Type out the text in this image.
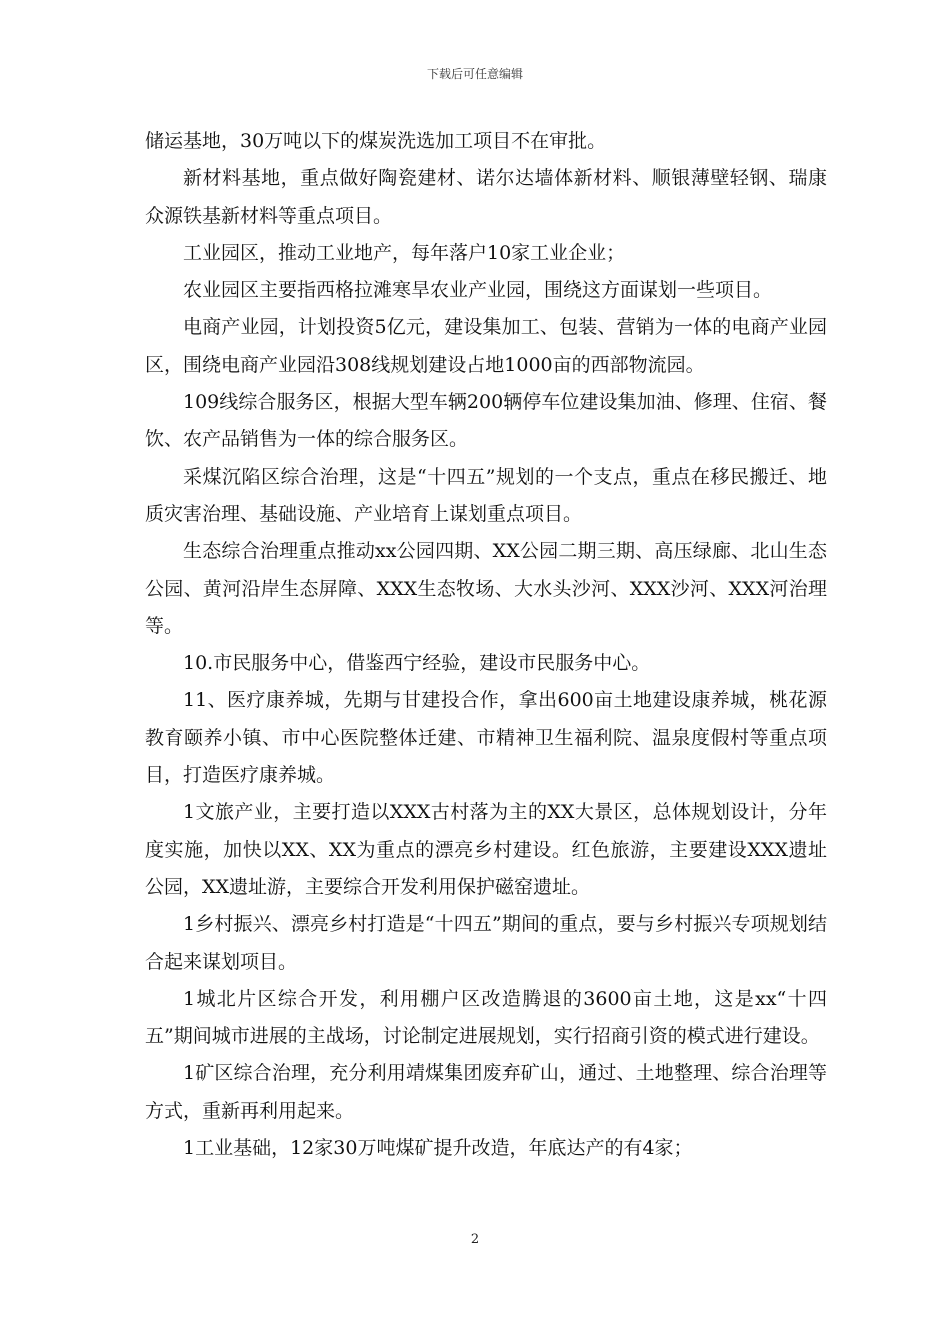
下载后可任意编辑

储运基地，30万吨以下的煤炭洗选加工项目不在审批。

新材料基地，重点做好陶瓷建材、诺尔达墙体新材料、顺银薄壁轻钢、瑞康众源铁基新材料等重点项目。

工业园区，推动工业地产，每年落户10家工业企业；

农业园区主要指西格拉滩寒旱农业产业园，围绕这方面谋划一些项目。

电商产业园，计划投资5亿元，建设集加工、包装、营销为一体的电商产业园区，围绕电商产业园沿308线规划建设占地1000亩的西部物流园。

109线综合服务区，根据大型车辆200辆停车位建设集加油、修理、住宿、餐饮、农产品销售为一体的综合服务区。

采煤沉陷区综合治理，这是“十四五”规划的一个支点，重点在移民搬迁、地质灾害治理、基础设施、产业培育上谋划重点项目。

生态综合治理重点推动xx公园四期、XX公园二期三期、高压绿廊、北山生态公园、黄河沿岸生态屏障、XXX生态牧场、大水头沙河、XXX沙河、XXX河治理等。

10.市民服务中心，借鉴西宁经验，建设市民服务中心。

11、医疗康养城，先期与甘建投合作，拿出600亩土地建设康养城，桃花源教育颐养小镇、市中心医院整体迁建、市精神卫生福利院、温泉度假村等重点项目，打造医疗康养城。

1文旅产业，主要打造以XXX古村落为主的XX大景区，总体规划设计，分年度实施，加快以XX、XX为重点的漂亮乡村建设。红色旅游，主要建设XXX遗址公园，XX遗址游，主要综合开发利用保护磁窑遗址。

1乡村振兴、漂亮乡村打造是“十四五”期间的重点，要与乡村振兴专项规划结合起来谋划项目。

1城北片区综合开发，利用棚户区改造腾退的3600亩土地，这是xx“十四五”期间城市进展的主战场，讨论制定进展规划，实行招商引资的模式进行建设。

1矿区综合治理，充分利用靖煤集团废弃矿山，通过、土地整理、综合治理等方式，重新再利用起来。

1工业基础，12家30万吨煤矿提升改造，年底达产的有4家；

2
